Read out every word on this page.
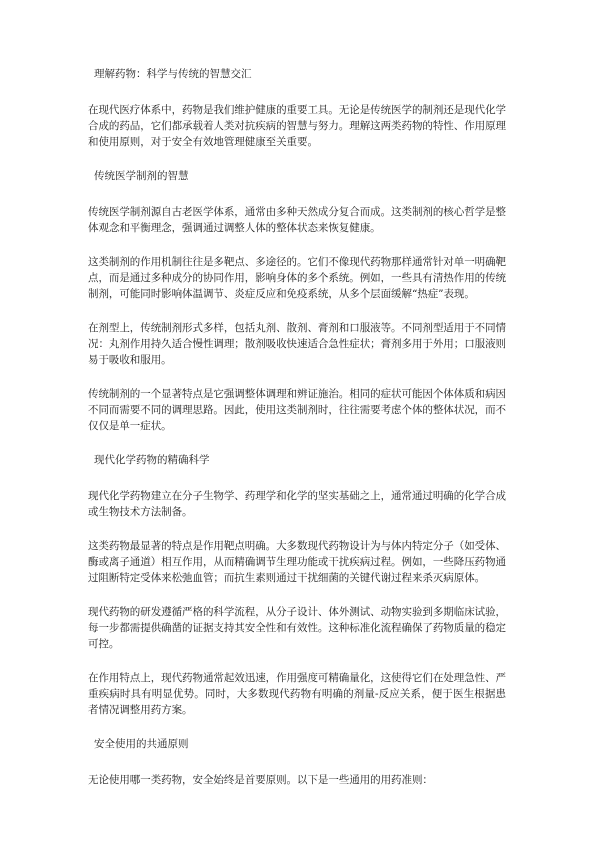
理解药物：科学与传统的智慧交汇

在现代医疗体系中，药物是我们维护健康的重要工具。无论是传统医学的制剂还是现代化学合成的药品，它们都承载着人类对抗疾病的智慧与努力。理解这两类药物的特性、作用原理和使用原则，对于安全有效地管理健康至关重要。

传统医学制剂的智慧

传统医学制剂源自古老医学体系，通常由多种天然成分复合而成。这类制剂的核心哲学是整体观念和平衡理念，强调通过调整人体的整体状态来恢复健康。

这类制剂的作用机制往往是多靶点、多途径的。它们不像现代药物那样通常针对单一明确靶点，而是通过多种成分的协同作用，影响身体的多个系统。例如，一些具有清热作用的传统制剂，可能同时影响体温调节、炎症反应和免疫系统，从多个层面缓解“热症”表现。

在剂型上，传统制剂形式多样，包括丸剂、散剂、膏剂和口服液等。不同剂型适用于不同情况：丸剂作用持久适合慢性调理；散剂吸收快速适合急性症状；膏剂多用于外用；口服液则易于吸收和服用。

传统制剂的一个显著特点是它强调整体调理和辨证施治。相同的症状可能因个体体质和病因不同而需要不同的调理思路。因此，使用这类制剂时，往往需要考虑个体的整体状况，而不仅仅是单一症状。

现代化学药物的精确科学

现代化学药物建立在分子生物学、药理学和化学的坚实基础之上，通常通过明确的化学合成或生物技术方法制备。

这类药物最显著的特点是作用靶点明确。大多数现代药物设计为与体内特定分子（如受体、酶或离子通道）相互作用，从而精确调节生理功能或干扰疾病过程。例如，一些降压药物通过阻断特定受体来松弛血管；而抗生素则通过干扰细菌的关键代谢过程来杀灭病原体。

现代药物的研发遵循严格的科学流程，从分子设计、体外测试、动物实验到多期临床试验，每一步都需提供确凿的证据支持其安全性和有效性。这种标准化流程确保了药物质量的稳定可控。

在作用特点上，现代药物通常起效迅速，作用强度可精确量化，这使得它们在处理急性、严重疾病时具有明显优势。同时，大多数现代药物有明确的剂量-反应关系，便于医生根据患者情况调整用药方案。

安全使用的共通原则

无论使用哪一类药物，安全始终是首要原则。以下是一些通用的用药准则：
